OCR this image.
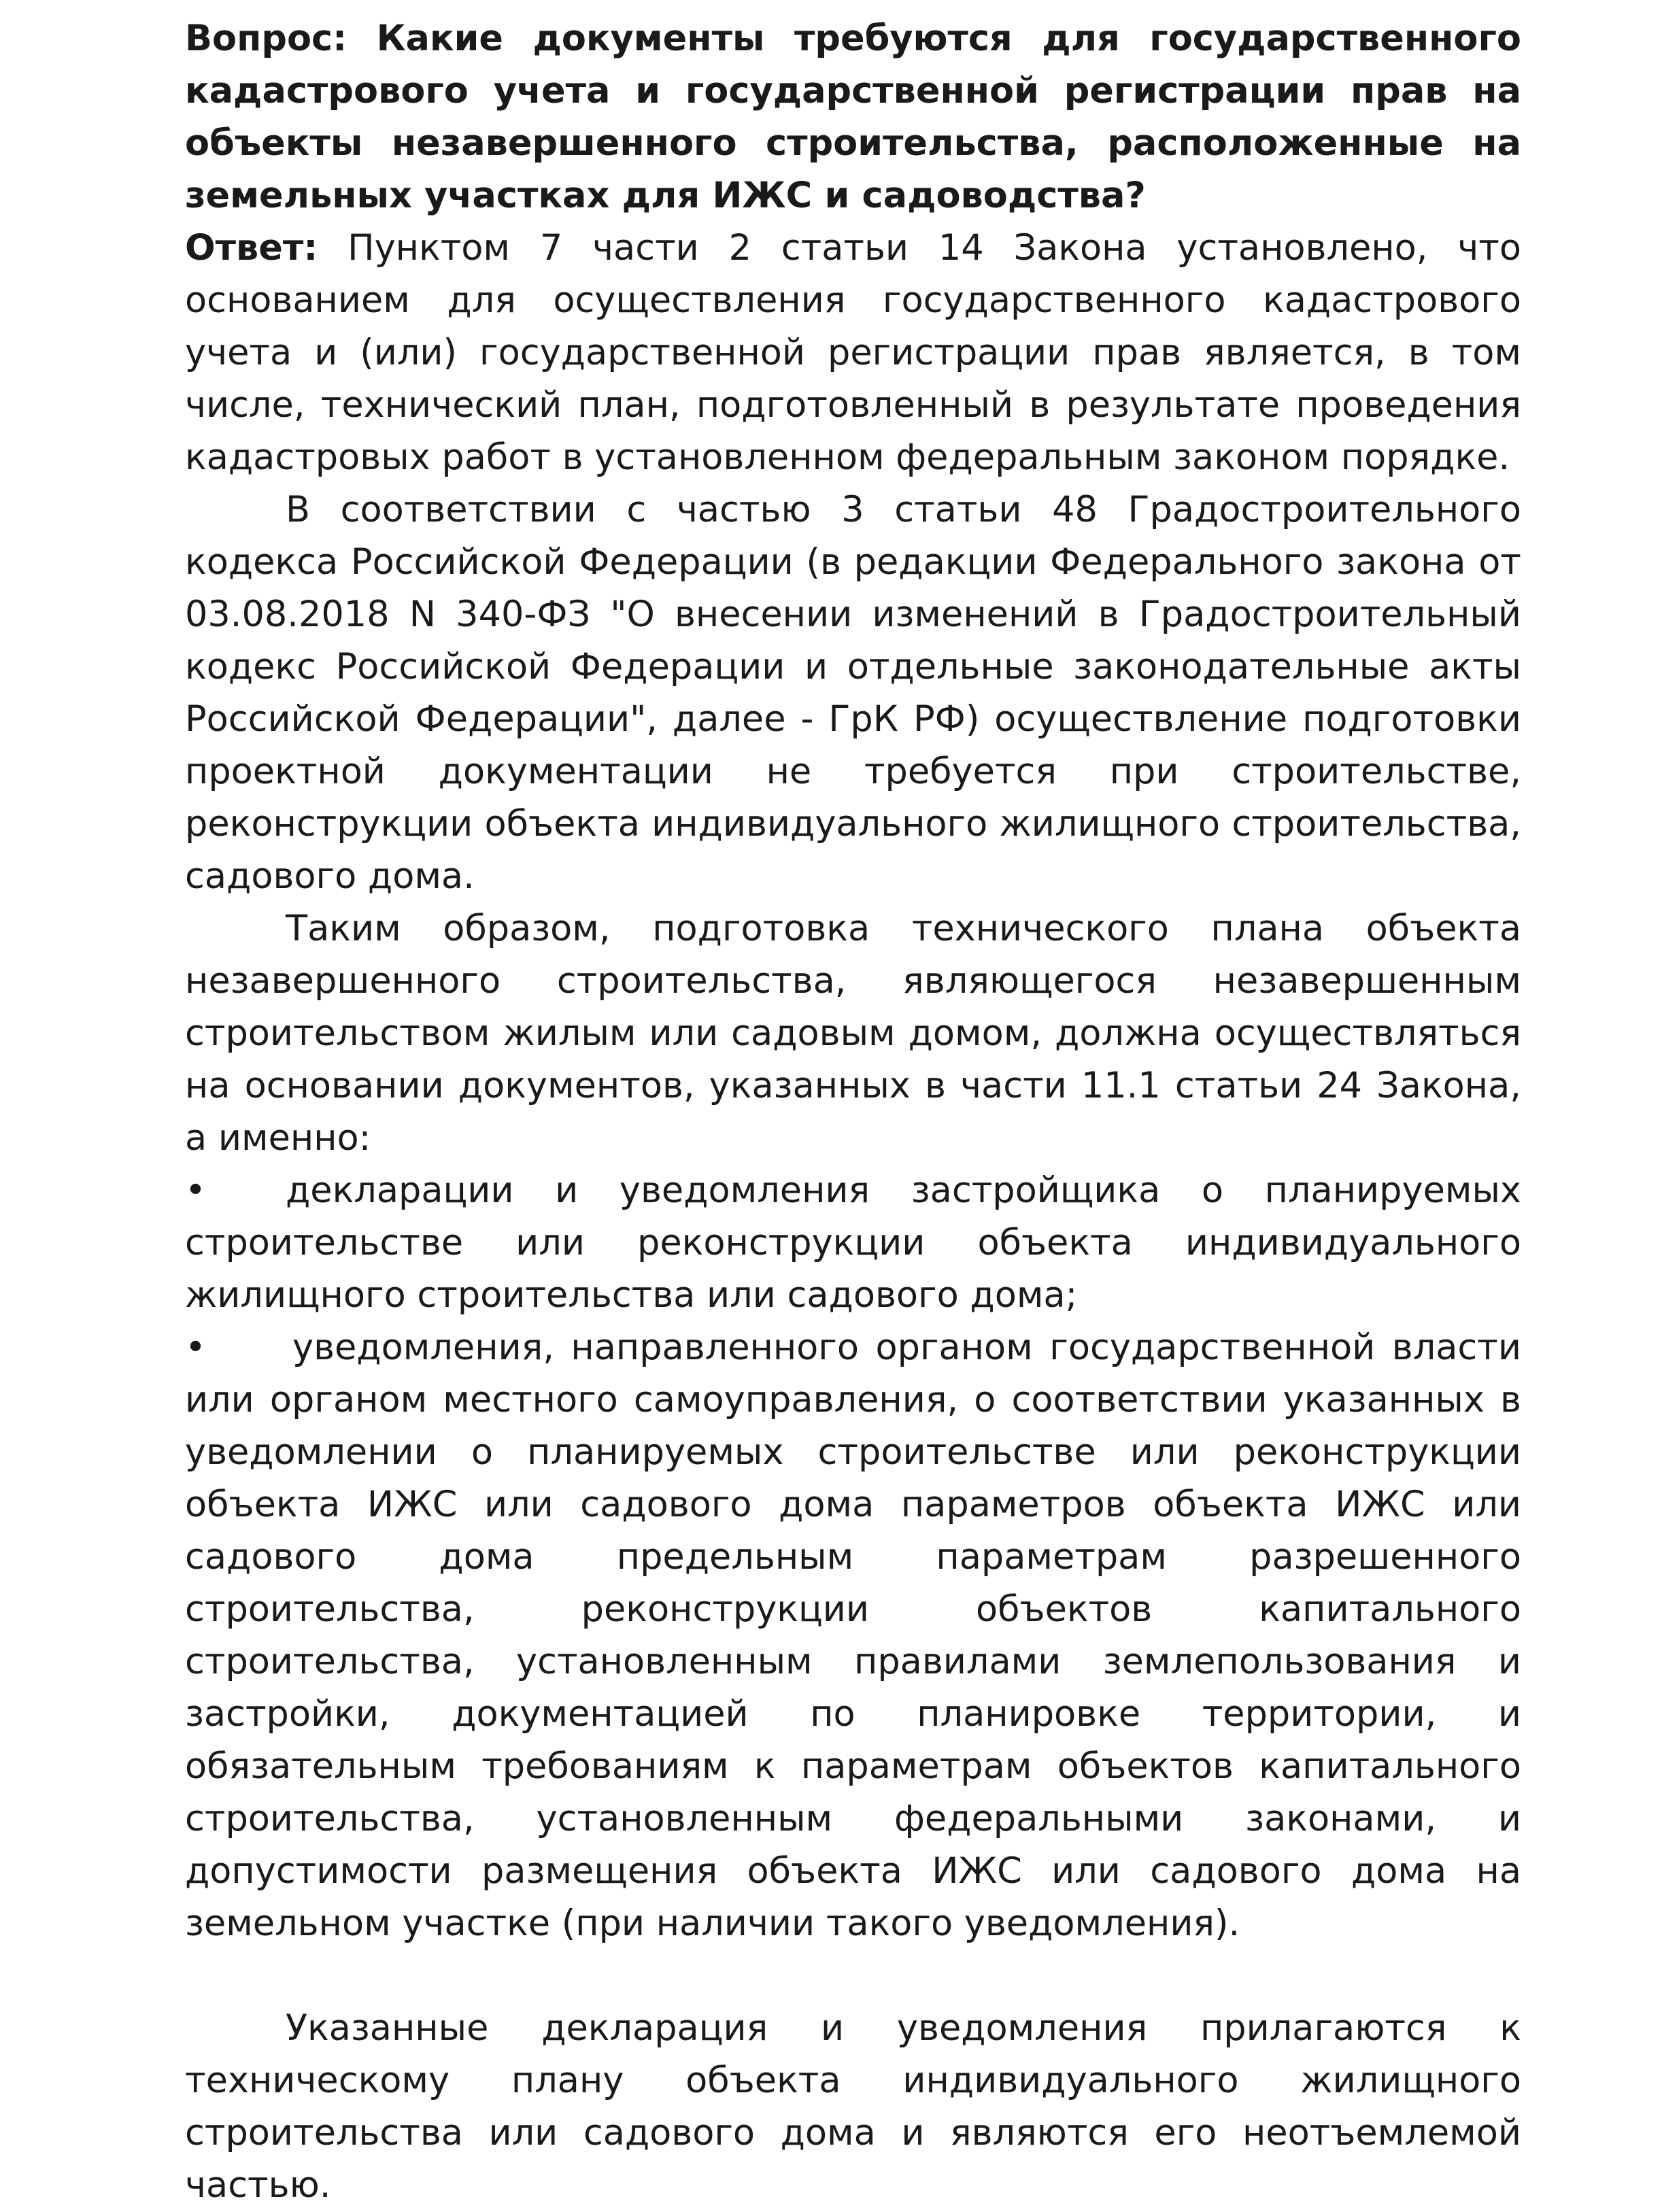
Вопрос: Какие документы требуются для государственного кадастрового учета и государственной регистрации прав на объекты незавершенного строительства, расположенные на земельных участках для ИЖС и садоводства?

Ответ: Пунктом 7 части 2 статьи 14 Закона установлено, что основанием для осуществления государственного кадастрового учета и (или) государственной регистрации прав является, в том числе, технический план, подготовленный в результате проведения кадастровых работ в установленном федеральным законом порядке.

В соответствии с частью 3 статьи 48 Градостроительного кодекса Российской Федерации (в редакции Федерального закона от 03.08.2018 N 340-ФЗ "О внесении изменений в Градостроительный кодекс Российской Федерации и отдельные законодательные акты Российской Федерации", далее - ГрК РФ) осуществление подготовки проектной документации не требуется при строительстве, реконструкции объекта индивидуального жилищного строительства, садового дома.

Таким образом, подготовка технического плана объекта незавершенного строительства, являющегося незавершенным строительством жилым или садовым домом, должна осуществляться на основании документов, указанных в части 11.1 статьи 24 Закона, а именно:

• декларации и уведомления застройщика о планируемых строительстве или реконструкции объекта индивидуального жилищного строительства или садового дома;

• уведомления, направленного органом государственной власти или органом местного самоуправления, о соответствии указанных в уведомлении о планируемых строительстве или реконструкции объекта ИЖС или садового дома параметров объекта ИЖС или садового дома предельным параметрам разрешенного строительства, реконструкции объектов капитального строительства, установленным правилами землепользования и застройки, документацией по планировке территории, и обязательным требованиям к параметрам объектов капитального строительства, установленным федеральными законами, и допустимости размещения объекта ИЖС или садового дома на земельном участке (при наличии такого уведомления).

Указанные декларация и уведомления прилагаются к техническому плану объекта индивидуального жилищного строительства или садового дома и являются его неотъемлемой частью.
